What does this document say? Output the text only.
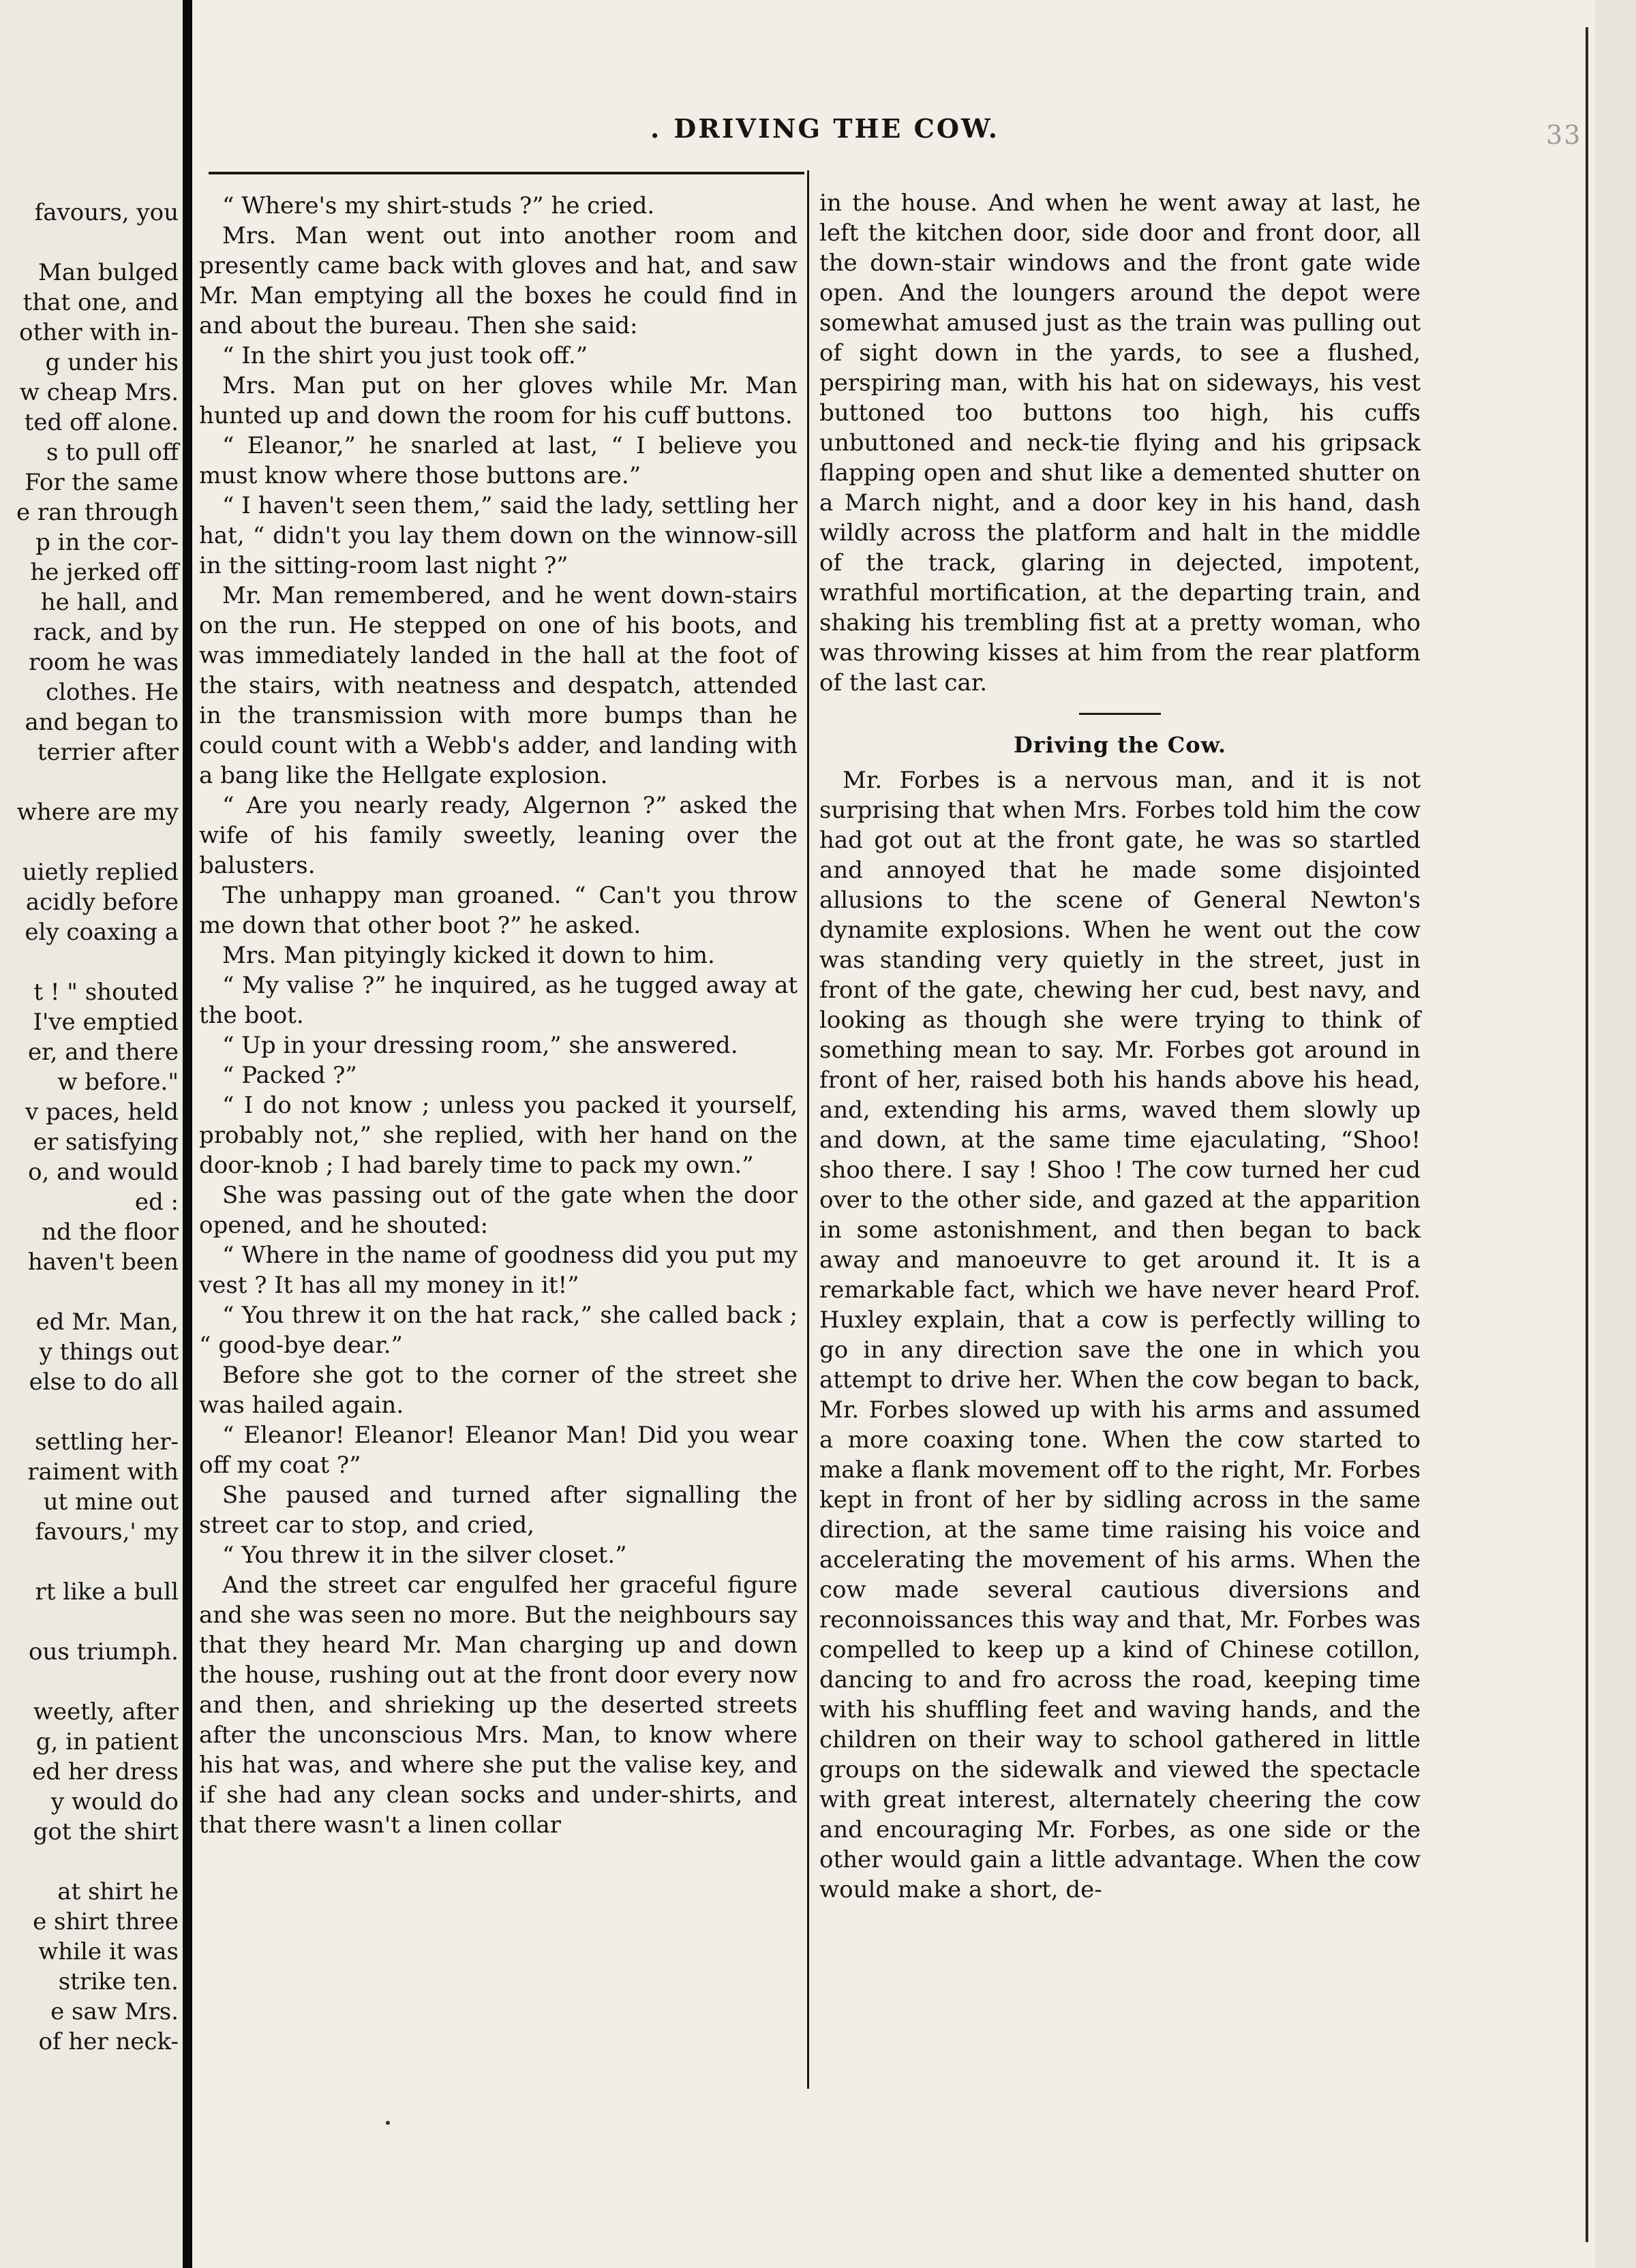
favours, you

Man bulged

that one, and

other with in-

g under his

w cheap Mrs.

ted off alone.

s to pull off

For the same

e ran through

p in the cor-

he jerked off

he hall, and

rack, and by

room he was

clothes. He

and began to

terrier after

where are my

uietly replied

acidly before

ely coaxing a

t ! " shouted

I've emptied

er, and there

w before."

v paces, held

er satisfying

o, and would

ed :

nd the floor

haven't been

ed Mr. Man,

y things out

else to do all

settling her-

raiment with

ut mine out

favours,' my

rt like a bull

ous triumph.

weetly, after

g, in patient

ed her dress

y would do

got the shirt

at shirt he

e shirt three

while it was

strike ten.

e saw Mrs.

of her neck-

33
. DRIVING THE COW.

“ Where's my shirt-studs ?” he cried.

Mrs. Man went out into another room and presently came back with gloves and hat, and saw Mr. Man emptying all the boxes he could find in and about the bureau. Then she said:

“ In the shirt you just took off.”

Mrs. Man put on her gloves while Mr. Man hunted up and down the room for his cuff buttons.

“ Eleanor,” he snarled at last, “ I believe you must know where those buttons are.”

“ I haven't seen them,” said the lady, settling her hat, “ didn't you lay them down on the winnow-sill in the sitting-room last night ?”

Mr. Man remembered, and he went down-stairs on the run. He stepped on one of his boots, and was immediately landed in the hall at the foot of the stairs, with neatness and despatch, attended in the transmission with more bumps than he could count with a Webb's adder, and landing with a bang like the Hellgate explosion.

“ Are you nearly ready, Algernon ?” asked the wife of his family sweetly, leaning over the balusters.

The unhappy man groaned. “ Can't you throw me down that other boot ?” he asked.

Mrs. Man pityingly kicked it down to him.

“ My valise ?” he inquired, as he tugged away at the boot.

“ Up in your dressing room,” she answered.

“ Packed ?”

“ I do not know ; unless you packed it yourself, probably not,” she replied, with her hand on the door-knob ; I had barely time to pack my own.”

She was passing out of the gate when the door opened, and he shouted:

“ Where in the name of goodness did you put my vest ? It has all my money in it!”

“ You threw it on the hat rack,” she called back ; “ good-bye dear.”

Before she got to the corner of the street she was hailed again.

“ Eleanor! Eleanor! Eleanor Man! Did you wear off my coat ?”

She paused and turned after signalling the street car to stop, and cried,

“ You threw it in the silver closet.”

And the street car engulfed her graceful figure and she was seen no more. But the neighbours say that they heard Mr. Man charging up and down the house, rushing out at the front door every now and then, and shrieking up the deserted streets after the unconscious Mrs. Man, to know where his hat was, and where she put the valise key, and if she had any clean socks and under-shirts, and that there wasn't a linen collar

in the house. And when he went away at last, he left the kitchen door, side door and front door, all the down-stair windows and the front gate wide open. And the loungers around the depot were somewhat amused just as the train was pulling out of sight down in the yards, to see a flushed, perspiring man, with his hat on sideways, his vest buttoned too buttons too high, his cuffs unbuttoned and neck-tie flying and his gripsack flapping open and shut like a demented shutter on a March night, and a door key in his hand, dash wildly across the platform and halt in the middle of the track, glaring in dejected, impotent, wrathful mortification, at the departing train, and shaking his trembling fist at a pretty woman, who was throwing kisses at him from the rear platform of the last car.

Driving the Cow.

Mr. Forbes is a nervous man, and it is not surprising that when Mrs. Forbes told him the cow had got out at the front gate, he was so startled and annoyed that he made some disjointed allusions to the scene of General Newton's dynamite explosions. When he went out the cow was standing very quietly in the street, just in front of the gate, chewing her cud, best navy, and looking as though she were trying to think of something mean to say. Mr. Forbes got around in front of her, raised both his hands above his head, and, extending his arms, waved them slowly up and down, at the same time ejaculating, “Shoo! shoo there. I say ! Shoo ! The cow turned her cud over to the other side, and gazed at the apparition in some astonishment, and then began to back away and manoeuvre to get around it. It is a remarkable fact, which we have never heard Prof. Huxley explain, that a cow is perfectly willing to go in any direction save the one in which you attempt to drive her. When the cow began to back, Mr. Forbes slowed up with his arms and assumed a more coaxing tone. When the cow started to make a flank movement off to the right, Mr. Forbes kept in front of her by sidling across in the same direction, at the same time raising his voice and accelerating the movement of his arms. When the cow made several cautious diversions and reconnoissances this way and that, Mr. Forbes was compelled to keep up a kind of Chinese cotillon, dancing to and fro across the road, keeping time with his shuffling feet and waving hands, and the children on their way to school gathered in little groups on the sidewalk and viewed the spectacle with great interest, alternately cheering the cow and encouraging Mr. Forbes, as one side or the other would gain a little advantage. When the cow would make a short, de-
